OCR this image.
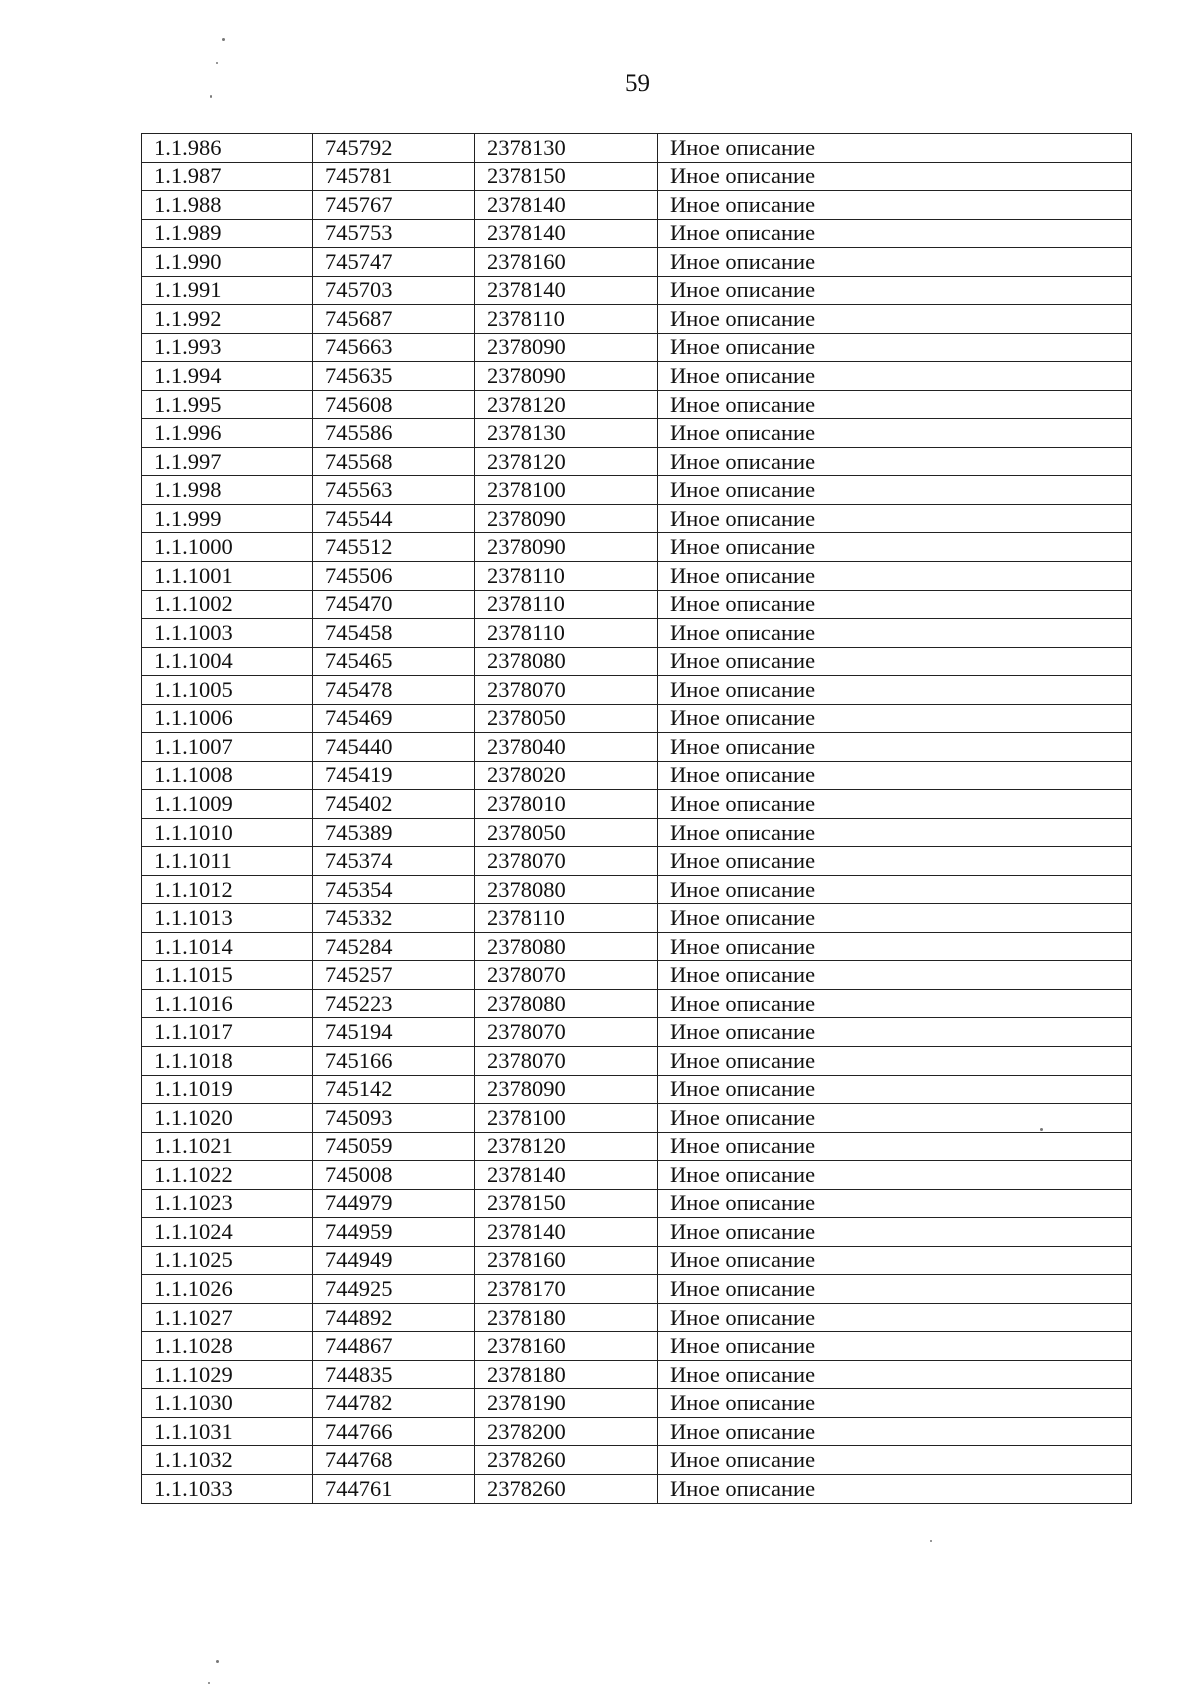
59
1.1.986	745792	2378130	Иное описание
1.1.987	745781	2378150	Иное описание
1.1.988	745767	2378140	Иное описание
1.1.989	745753	2378140	Иное описание
1.1.990	745747	2378160	Иное описание
1.1.991	745703	2378140	Иное описание
1.1.992	745687	2378110	Иное описание
1.1.993	745663	2378090	Иное описание
1.1.994	745635	2378090	Иное описание
1.1.995	745608	2378120	Иное описание
1.1.996	745586	2378130	Иное описание
1.1.997	745568	2378120	Иное описание
1.1.998	745563	2378100	Иное описание
1.1.999	745544	2378090	Иное описание
1.1.1000	745512	2378090	Иное описание
1.1.1001	745506	2378110	Иное описание
1.1.1002	745470	2378110	Иное описание
1.1.1003	745458	2378110	Иное описание
1.1.1004	745465	2378080	Иное описание
1.1.1005	745478	2378070	Иное описание
1.1.1006	745469	2378050	Иное описание
1.1.1007	745440	2378040	Иное описание
1.1.1008	745419	2378020	Иное описание
1.1.1009	745402	2378010	Иное описание
1.1.1010	745389	2378050	Иное описание
1.1.1011	745374	2378070	Иное описание
1.1.1012	745354	2378080	Иное описание
1.1.1013	745332	2378110	Иное описание
1.1.1014	745284	2378080	Иное описание
1.1.1015	745257	2378070	Иное описание
1.1.1016	745223	2378080	Иное описание
1.1.1017	745194	2378070	Иное описание
1.1.1018	745166	2378070	Иное описание
1.1.1019	745142	2378090	Иное описание
1.1.1020	745093	2378100	Иное описание
1.1.1021	745059	2378120	Иное описание
1.1.1022	745008	2378140	Иное описание
1.1.1023	744979	2378150	Иное описание
1.1.1024	744959	2378140	Иное описание
1.1.1025	744949	2378160	Иное описание
1.1.1026	744925	2378170	Иное описание
1.1.1027	744892	2378180	Иное описание
1.1.1028	744867	2378160	Иное описание
1.1.1029	744835	2378180	Иное описание
1.1.1030	744782	2378190	Иное описание
1.1.1031	744766	2378200	Иное описание
1.1.1032	744768	2378260	Иное описание
1.1.1033	744761	2378260	Иное описание
